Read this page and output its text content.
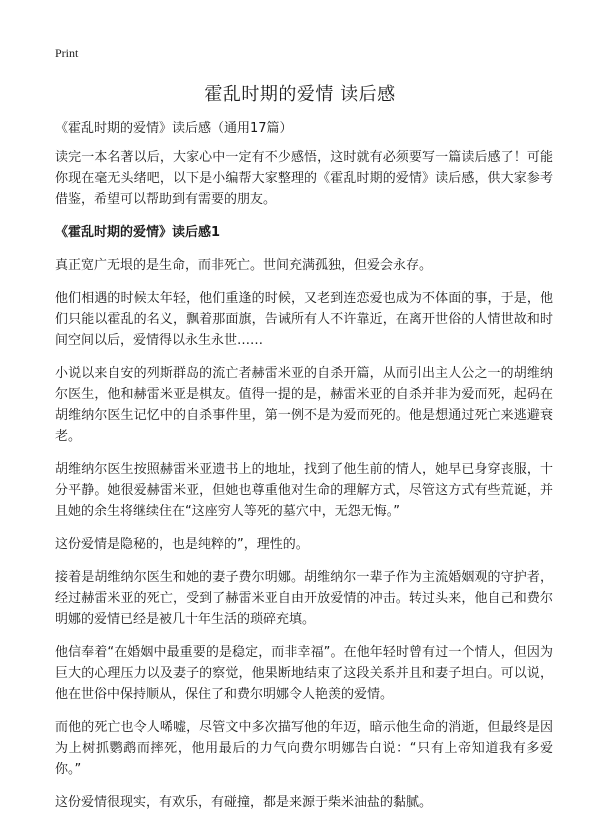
Print
霍乱时期的爱情 读后感

《霍乱时期的爱情》读后感（通用17篇）

读完一本名著以后，大家心中一定有不少感悟，这时就有必须要写一篇读后感了！可能你现在毫无头绪吧，以下是小编帮大家整理的《霍乱时期的爱情》读后感，供大家参考借鉴，希望可以帮助到有需要的朋友。

《霍乱时期的爱情》读后感1

真正宽广无垠的是生命，而非死亡。世间充满孤独，但爱会永存。

他们相遇的时候太年轻，他们重逢的时候，又老到连恋爱也成为不体面的事，于是，他们只能以霍乱的名义，飘着那面旗，告诫所有人不许靠近，在离开世俗的人情世故和时间空间以后，爱情得以永生永世……

小说以来自安的列斯群岛的流亡者赫雷米亚的自杀开篇，从而引出主人公之一的胡维纳尔医生，他和赫雷米亚是棋友。值得一提的是，赫雷米亚的自杀并非为爱而死，起码在胡维纳尔医生记忆中的自杀事件里，第一例不是为爱而死的。他是想通过死亡来逃避衰老。

胡维纳尔医生按照赫雷米亚遗书上的地址，找到了他生前的情人，她早已身穿丧服，十分平静。她很爱赫雷米亚，但她也尊重他对生命的理解方式，尽管这方式有些荒诞，并且她的余生将继续住在“这座穷人等死的墓穴中，无怨无悔。”

这份爱情是隐秘的，也是纯粹的”，理性的。

接着是胡维纳尔医生和她的妻子费尔明娜。胡维纳尔一辈子作为主流婚姻观的守护者，经过赫雷米亚的死亡，受到了赫雷米亚自由开放爱情的冲击。转过头来，他自己和费尔明娜的爱情已经是被几十年生活的琐碎充填。

他信奉着“在婚姻中最重要的是稳定，而非幸福”。在他年轻时曾有过一个情人，但因为巨大的心理压力以及妻子的察觉，他果断地结束了这段关系并且和妻子坦白。可以说，他在世俗中保持顺从，保住了和费尔明娜令人艳羡的爱情。

而他的死亡也令人唏嘘，尽管文中多次描写他的年迈，暗示他生命的消逝，但最终是因为上树抓鹦鹉而摔死，他用最后的力气向费尔明娜告白说：“只有上帝知道我有多爱你。”

这份爱情很现实，有欢乐，有碰撞，都是来源于柴米油盐的黏腻。
